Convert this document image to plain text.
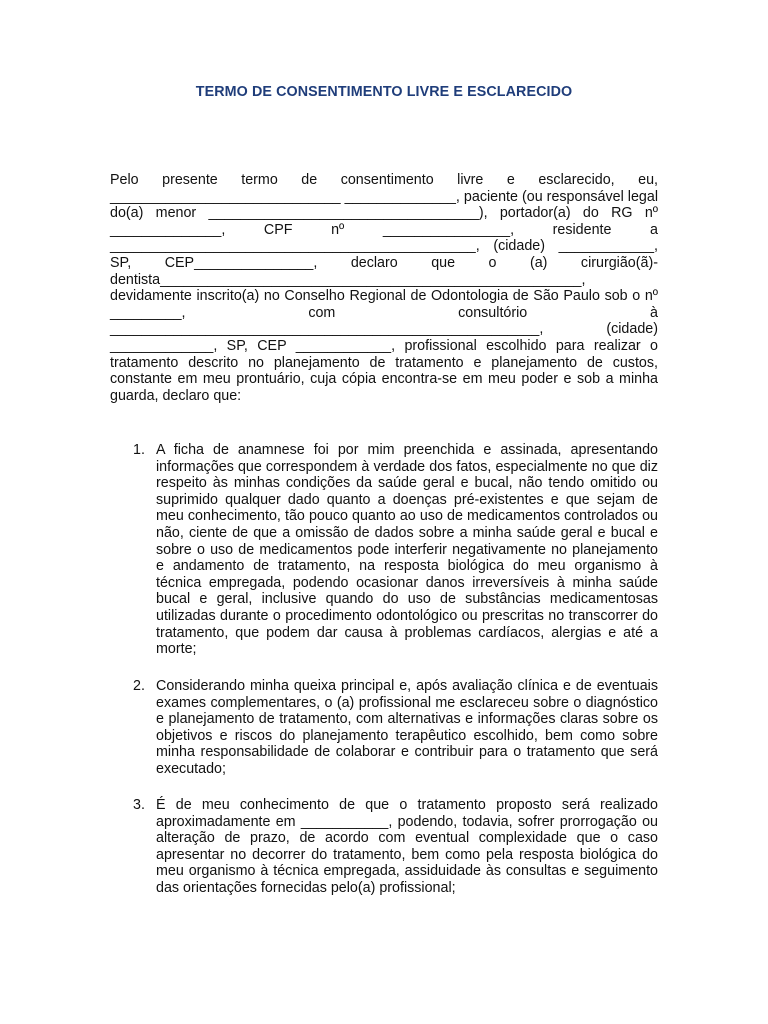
TERMO DE CONSENTIMENTO LIVRE E ESCLARECIDO
Pelo presente termo de consentimento livre e esclarecido, eu, _____________________________ ______________, paciente (ou responsável legal do(a) menor __________________________________), portador(a) do RG nº ______________, CPF nº ________________, residente a ______________________________________________, (cidade) ____________, SP, CEP_______________, declaro que o (a) cirurgião(ã)-dentista_____________________________________________________, devidamente inscrito(a) no Conselho Regional de Odontologia de São Paulo sob o nº _________, com consultório à ______________________________________________________, (cidade) _____________, SP, CEP ____________, profissional escolhido para realizar o tratamento descrito no planejamento de tratamento e planejamento de custos, constante em meu prontuário, cuja cópia encontra-se em meu poder e sob a minha guarda, declaro que:
1. A ficha de anamnese foi por mim preenchida e assinada, apresentando informações que correspondem à verdade dos fatos, especialmente no que diz respeito às minhas condições da saúde geral e bucal, não tendo omitido ou suprimido qualquer dado quanto a doenças pré-existentes e que sejam de meu conhecimento, tão pouco quanto ao uso de medicamentos controlados ou não, ciente de que a omissão de dados sobre a minha saúde geral e bucal e sobre o uso de medicamentos pode interferir negativamente no planejamento e andamento de tratamento, na resposta biológica do meu organismo à técnica empregada, podendo ocasionar danos irreversíveis à minha saúde bucal e geral, inclusive quando do uso de substâncias medicamentosas utilizadas durante o procedimento odontológico ou prescritas no transcorrer do tratamento, que podem dar causa à problemas cardíacos, alergias e até a morte;
2. Considerando minha queixa principal e, após avaliação clínica e de eventuais exames complementares, o (a) profissional me esclareceu sobre o diagnóstico e planejamento de tratamento, com alternativas e informações claras sobre os objetivos e riscos do planejamento terapêutico escolhido, bem como sobre minha responsabilidade de colaborar e contribuir para o tratamento que será executado;
3. É de meu conhecimento de que o tratamento proposto será realizado aproximadamente em ___________, podendo, todavia, sofrer prorrogação ou alteração de prazo, de acordo com eventual complexidade que o caso apresentar no decorrer do tratamento, bem como pela resposta biológica do meu organismo à técnica empregada, assiduidade às consultas e seguimento das orientações fornecidas pelo(a) profissional;
